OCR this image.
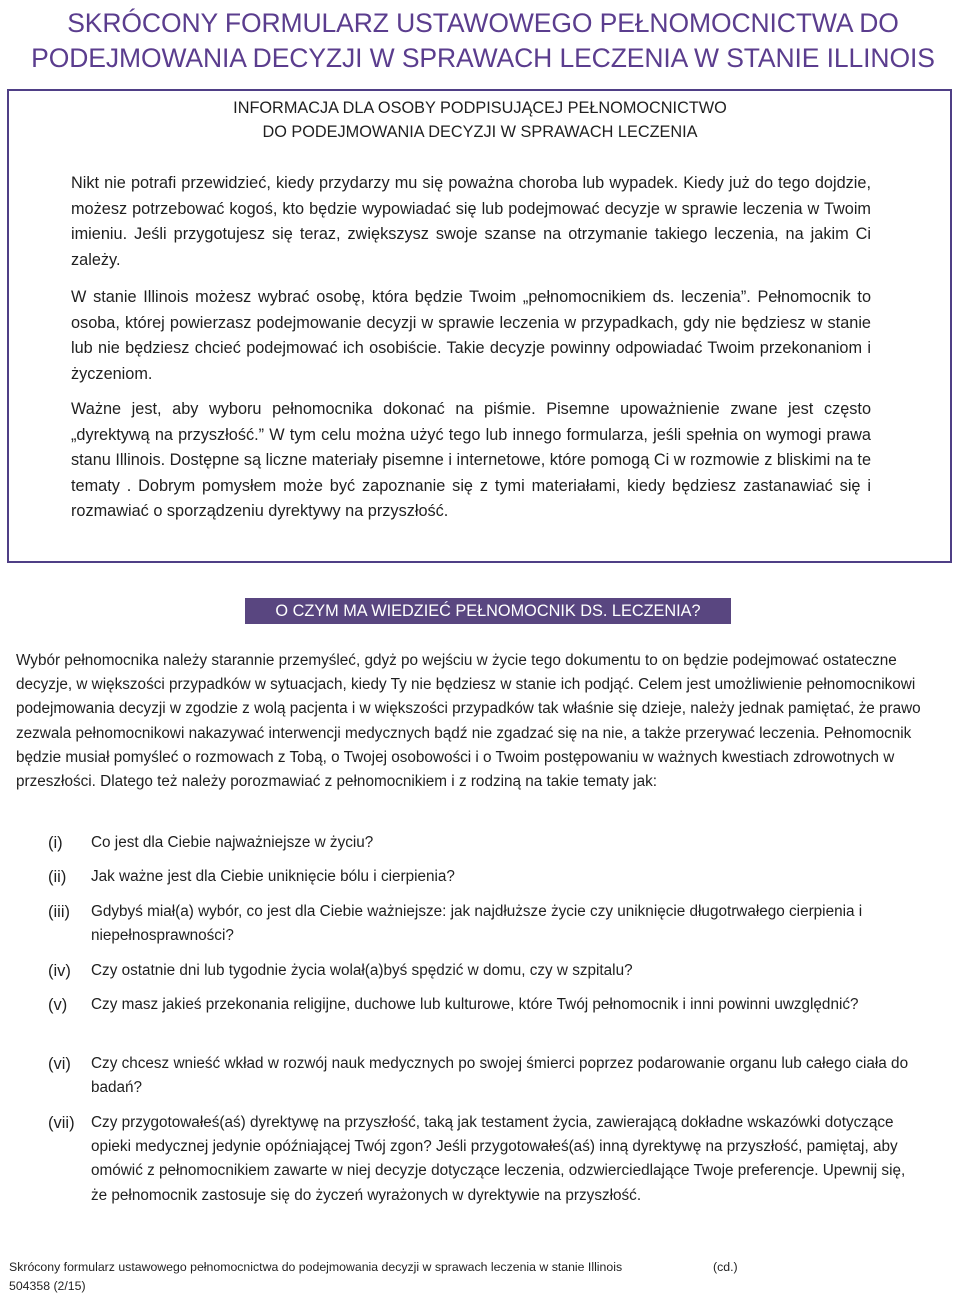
SKRÓCONY FORMULARZ USTAWOWEGO PEŁNOMOCNICTWA DO
PODEJMOWANIA DECYZJI W SPRAWACH LECZENIA W STANIE ILLINOIS
INFORMACJA DLA OSOBY PODPISUJĄCEJ PEŁNOMOCNICTWO
DO PODEJMOWANIA DECYZJI W SPRAWACH LECZENIA

Nikt nie potrafi przewidzieć, kiedy przydarzy mu się poważna choroba lub wypadek. Kiedy już do tego dojdzie, możesz potrzebować kogoś, kto będzie wypowiadać się lub podejmować decyzje w sprawie leczenia w Twoim imieniu. Jeśli przygotujesz się teraz, zwiększysz swoje szanse na otrzymanie takiego leczenia, na jakim Ci zależy.

W stanie Illinois możesz wybrać osobę, która będzie Twoim „pełnomocnikiem ds. leczenia”. Pełnomocnik to osoba, której powierzasz podejmowanie decyzji w sprawie leczenia w przypadkach, gdy nie będziesz w stanie lub nie będziesz chcieć podejmować ich osobiście. Takie decyzje powinny odpowiadać Twoim przekonaniom i życzeniom.

Ważne jest, aby wyboru pełnomocnika dokonać na piśmie. Pisemne upoważnienie zwane jest często „dyrektywą na przyszłość.” W tym celu można użyć tego lub innego formularza, jeśli spełnia on wymogi prawa stanu Illinois. Dostępne są liczne materiały pisemne i internetowe, które pomogą Ci w rozmowie z bliskimi na te tematy . Dobrym pomysłem może być zapoznanie się z tymi materiałami, kiedy będziesz zastanawiać się i rozmawiać o sporządzeniu dyrektywy na przyszłość.

O CZYM MA WIEDZIEĆ PEŁNOMOCNIK DS. LECZENIA?

Wybór pełnomocnika należy starannie przemyśleć, gdyż po wejściu w życie tego dokumentu to on będzie podejmować ostateczne decyzje, w większości przypadków w sytuacjach, kiedy Ty nie będziesz w stanie ich podjąć. Celem jest umożliwienie pełnomocnikowi podejmowania decyzji w zgodzie z wolą pacjenta i w większości przypadków tak właśnie się dzieje, należy jednak pamiętać, że prawo zezwala pełnomocnikowi nakazywać interwencji medycznych bądź nie zgadzać się na nie, a także przerywać leczenia. Pełnomocnik będzie musiał pomyśleć o rozmowach z Tobą, o Twojej osobowości i o Twoim postępowaniu w ważnych kwestiach zdrowotnych w przeszłości. Dlatego też należy porozmawiać z pełnomocnikiem i z rodziną na takie tematy jak:

(i) Co jest dla Ciebie najważniejsze w życiu?
(ii) Jak ważne jest dla Ciebie uniknięcie bólu i cierpienia?
(iii) Gdybyś miał(a) wybór, co jest dla Ciebie ważniejsze: jak najdłuższe życie czy uniknięcie długotrwałego cierpienia i niepełnosprawności?
(iv) Czy ostatnie dni lub tygodnie życia wolał(a)byś spędzić w domu, czy w szpitalu?
(v) Czy masz jakieś przekonania religijne, duchowe lub kulturowe, które Twój pełnomocnik i inni powinni uwzględnić?
(vi) Czy chcesz wnieść wkład w rozwój nauk medycznych po swojej śmierci poprzez podarowanie organu lub całego ciała do badań?
(vii) Czy przygotowałeś(aś) dyrektywę na przyszłość, taką jak testament życia, zawierającą dokładne wskazówki dotyczące opieki medycznej jedynie opóźniającej Twój zgon? Jeśli przygotowałeś(aś) inną dyrektywę na przyszłość, pamiętaj, aby omówić z pełnomocnikiem zawarte w niej decyzje dotyczące leczenia, odzwierciedlające Twoje preferencje. Upewnij się, że pełnomocnik zastosuje się do życzeń wyrażonych w dyrektywie na przyszłość.
Skrócony formularz ustawowego pełnomocnictwa do podejmowania decyzji w sprawach leczenia w stanie Illinois	(cd.)

504358 (2/15)
